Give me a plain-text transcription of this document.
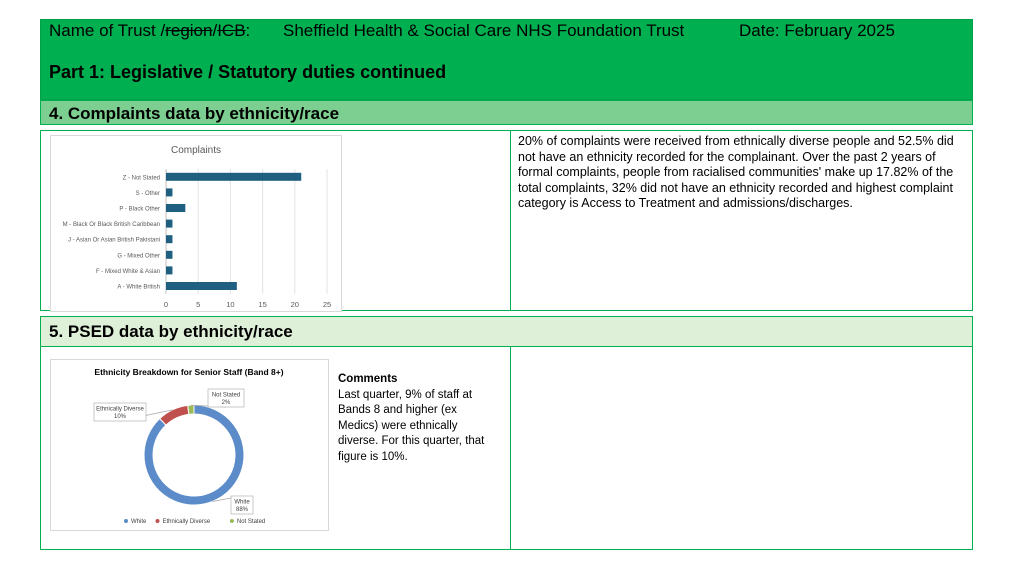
Name of Trust /region/ICB: Sheffield Health & Social Care NHS Foundation Trust	Date: February 2025
Part 1: Legislative / Statutory duties continued
4. Complaints data by ethnicity/race
Complaints
0	5	10	15	20	25
Z - Not Stated
S - Other
P - Black Other
M - Black Or Black British Caribbean
J - Asian Or Asian British Pakistani
G - Mixed Other
F - Mixed White & Asian
A - White British
20% of complaints were received from ethnically diverse people and 52.5% did not have an ethnicity recorded for the complainant. Over the past 2 years of formal complaints, people from racialised communities' make up 17.82% of the total complaints, 32% did not have an ethnicity recorded and highest complaint category is Access to Treatment and admissions/discharges.
5. PSED data by ethnicity/race
Ethnicity Breakdown for Senior Staff (Band 8+)
White
88%
Ethnically Diverse
10%
Not Stated
2%
White	Ethnically Diverse	Not Stated
Comments
Last quarter, 9% of staff at Bands 8 and higher (ex Medics) were ethnically diverse. For this quarter, that figure is 10%.
